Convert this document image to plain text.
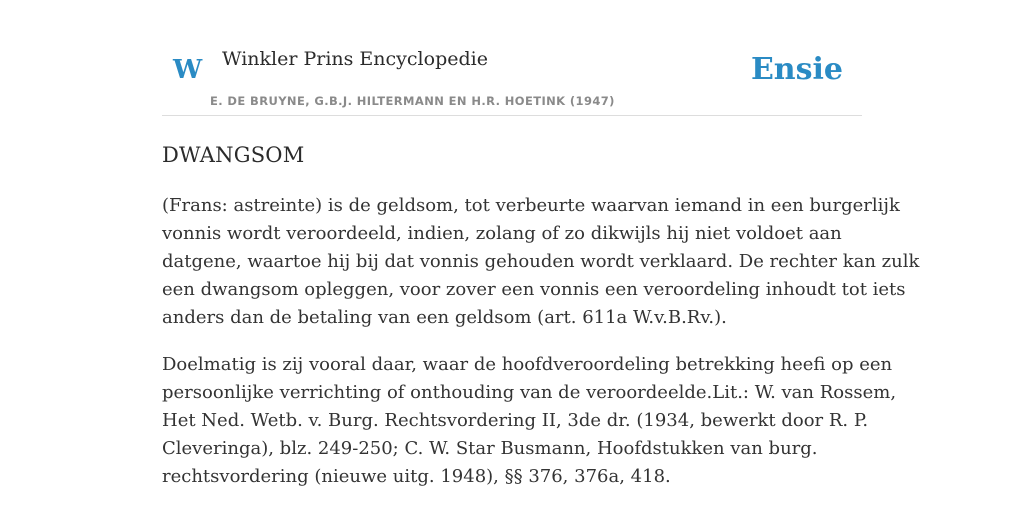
W Winkler Prins Encyclopedie
E. DE BRUYNE, G.B.J. HILTERMANN EN H.R. HOETINK (1947)
Ensie
DWANGSOM

(Frans: astreinte) is de geldsom, tot verbeurte waarvan iemand in een burgerlijk
vonnis wordt veroordeeld, indien, zolang of zo dikwijls hij niet voldoet aan
datgene, waartoe hij bij dat vonnis gehouden wordt verklaard. De rechter kan zulk
een dwangsom opleggen, voor zover een vonnis een veroordeling inhoudt tot iets
anders dan de betaling van een geldsom (art. 611a W.v.B.Rv.).

Doelmatig is zij vooral daar, waar de hoofdveroordeling betrekking heefi op een
persoonlijke verrichting of onthouding van de veroordeelde.Lit.: W. van Rossem,
Het Ned. Wetb. v. Burg. Rechtsvordering II, 3de dr. (1934, bewerkt door R. P.
Cleveringa), blz. 249-250; C. W. Star Busmann, Hoofdstukken van burg.
rechtsvordering (nieuwe uitg. 1948), §§ 376, 376a, 418.
